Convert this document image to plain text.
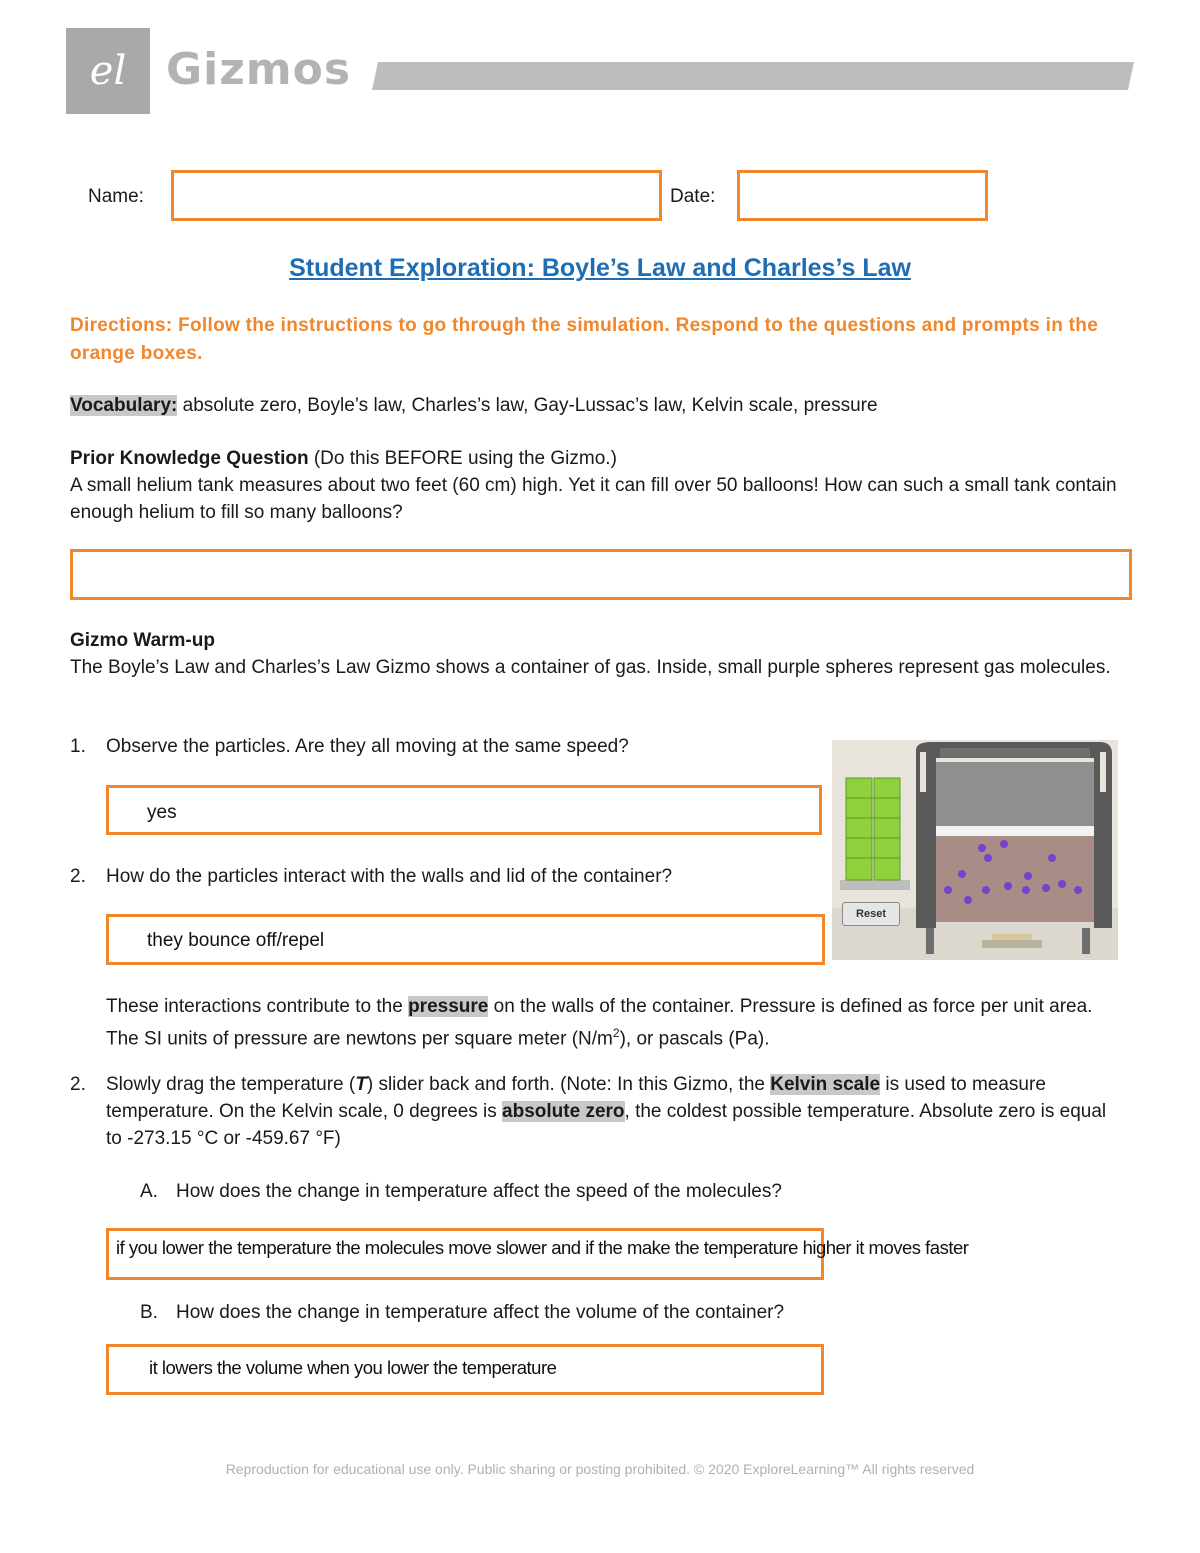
el Gizmos
Name:	Date:
Student Exploration: Boyle’s Law and Charles’s Law
Directions: Follow the instructions to go through the simulation. Respond to the questions and prompts in the orange boxes.
Vocabulary: absolute zero, Boyle’s law, Charles’s law, Gay-Lussac’s law, Kelvin scale, pressure
Prior Knowledge Question (Do this BEFORE using the Gizmo.)
A small helium tank measures about two feet (60 cm) high. Yet it can fill over 50 balloons! How can such a small tank contain enough helium to fill so many balloons?
Gizmo Warm-up
The Boyle’s Law and Charles’s Law Gizmo shows a container of gas. Inside, small purple spheres represent gas molecules.
1. Observe the particles. Are they all moving at the same speed?
yes
2. How do the particles interact with the walls and lid of the container?
they bounce off/repel
Reset
These interactions contribute to the pressure on the walls of the container. Pressure is defined as force per unit area. The SI units of pressure are newtons per square meter $(N/m^2)$, or pascals (Pa).
2.	Slowly drag the temperature (T) slider back and forth. (Note: In this Gizmo, the Kelvin scale is used to measure temperature. On the Kelvin scale, 0 degrees is absolute zero, the coldest possible temperature. Absolute zero is equal to -273.15 °C or -459.67 °F)
A. How does the change in temperature affect the speed of the molecules?
if you lower the temperature the molecules move slower and if the make the temperature higher it moves faster
B. How does the change in temperature affect the volume of the container?
it lowers the volume when you lower the temperature
Reproduction for educational use only. Public sharing or posting prohibited. © 2020 ExploreLearning™ All rights reserved
